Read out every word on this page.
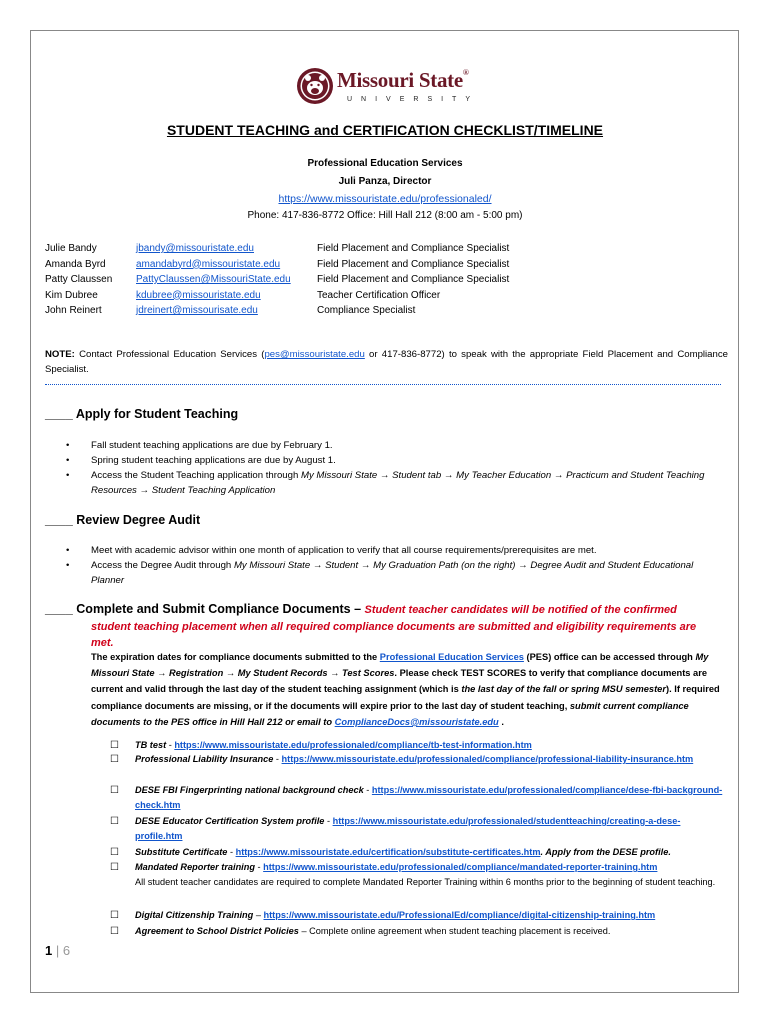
Missouri State®
UNIVERSITY
STUDENT TEACHING and CERTIFICATION CHECKLIST/TIMELINE
Professional Education Services
Juli Panza, Director
https://www.missouristate.edu/professionaled/
Phone: 417-836-8772 Office: Hill Hall 212 (8:00 am - 5:00 pm)
Julie Bandy	jbandy@missouristate.edu	Field Placement and Compliance Specialist
Amanda Byrd	amandabyrd@missouristate.edu	Field Placement and Compliance Specialist
Patty Claussen PattyClaussen@MissouriState.edu	Field Placement and Compliance Specialist
Kim Dubree	kdubree@missouristate.edu	Teacher Certification Officer
John Reinert	jdreinert@missourisate.edu	Compliance Specialist
NOTE: Contact Professional Education Services (pes@missouristate.edu or 417-836-8772) to speak with the appropriate Field Placement and Compliance Specialist.
____ Apply for Student Teaching
• Fall student teaching applications are due by February 1.
• Spring student teaching applications are due by August 1.
• Access the Student Teaching application through My Missouri State → Student tab → My Teacher Education → Practicum and Student Teaching Resources → Student Teaching Application
____ Review Degree Audit
• Meet with academic advisor within one month of application to verify that all course requirements/prerequisites are met.
• Access the Degree Audit through My Missouri State → Student → My Graduation Path (on the right) → Degree Audit and Student Educational Planner
____ Complete and Submit Compliance Documents – Student teacher candidates will be notified of the confirmed
student teaching placement when all required compliance documents are submitted and eligibility requirements are
met.
The expiration dates for compliance documents submitted to the Professional Education Services (PES) office can be accessed through My Missouri State → Registration → My Student Records → Test Scores. Please check TEST SCORES to verify that compliance documents are current and valid through the last day of the student teaching assignment (which is the last day of the fall or spring MSU semester). If required compliance documents are missing, or if the documents will expire prior to the last day of student teaching, submit current compliance documents to the PES office in Hill Hall 212 or email to ComplianceDocs@missouristate.edu .
☐ TB test - https://www.missouristate.edu/professionaled/compliance/tb-test-information.htm
☐ Professional Liability Insurance - https://www.missouristate.edu/professionaled/compliance/professional-liability-insurance.htm
☐ DESE FBI Fingerprinting national background check - https://www.missouristate.edu/professionaled/compliance/dese-fbi-background-check.htm
☐ DESE Educator Certification System profile - https://www.missouristate.edu/professionaled/studentteaching/creating-a-dese-profile.htm
☐ Substitute Certificate - https://www.missouristate.edu/certification/substitute-certificates.htm. Apply from the DESE profile.
☐ Mandated Reporter training - https://www.missouristate.edu/professionaled/compliance/mandated-reporter-training.htm
All student teacher candidates are required to complete Mandated Reporter Training within 6 months prior to the beginning of student teaching.
☐ Digital Citizenship Training – https://www.missouristate.edu/ProfessionalEd/compliance/digital-citizenship-training.htm
☐ Agreement to School District Policies – Complete online agreement when student teaching placement is received.
1 | 6
